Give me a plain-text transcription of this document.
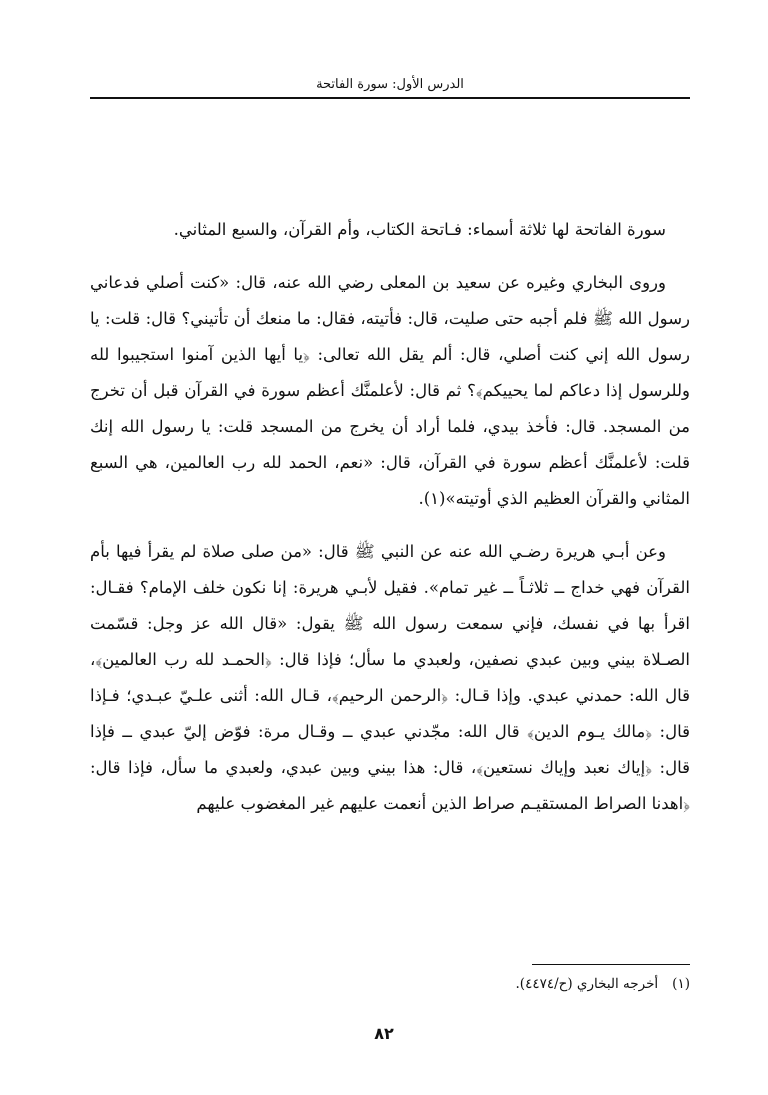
الدرس الأول: سورة الفاتحة

سورة الفاتحة لها ثلاثة أسماء: فـاتحة الكتاب، وأم القرآن، والسبع المثاني.

وروى البخاري وغيره عن سعيد بن المعلى رضي الله عنه، قال: «كنت أصلي فدعاني رسول الله ﷺ فلم أجبه حتى صليت، قال: فأتيته، فقال: ما منعك أن تأتيني؟ قال: قلت: يا رسول الله إني كنت أصلي، قال: ألم يقل الله تعالى: ﴿يا أيها الذين آمنوا استجيبوا لله وللرسول إذا دعاكم لما يحييكم﴾؟ ثم قال: لأعلمنَّك أعظم سورة في القرآن قبل أن تخرج من المسجد. قال: فأخذ بيدي، فلما أراد أن يخرج من المسجد قلت: يا رسول الله إنك قلت: لأعلمنَّك أعظم سورة في القرآن، قال: «نعم، الحمد لله رب العالمين، هي السبع المثاني والقرآن العظيم الذي أوتيته»(١).

وعن أبـي هريرة رضـي الله عنه عن النبي ﷺ قال: «من صلى صلاة لم يقرأ فيها بأم القرآن فهي خداج ــ ثلاثـاً ــ غير تمام». فقيل لأبـي هريرة: إنا نكون خلف الإمام؟ فقـال: اقرأ بها في نفسك، فإني سمعت رسول الله ﷺ يقول: «قال الله عز وجل: قسّمت الصـلاة بيني وبين عبدي نصفين، ولعبدي ما سأل؛ فإذا قال: ﴿الحمـد لله رب العالمين﴾، قال الله: حمدني عبدي. وإذا قـال: ﴿الرحمن الرحيم﴾، قـال الله: أثنى علـيّ عبـدي؛ فـإذا قال: ﴿مالك يـوم الدين﴾ قال الله: مجّدني عبدي ــ وقـال مرة: فوّض إليّ عبدي ــ فإذا قال: ﴿إياك نعبد وإياك نستعين﴾، قال: هذا بيني وبين عبدي، ولعبدي ما سأل، فإذا قال: ﴿اهدنا الصراط المستقيـم صراط الذين أنعمت عليهم غير المغضوب عليهم

(١)أخرجه البخاري (ح/٤٤٧٤).
٨٢
